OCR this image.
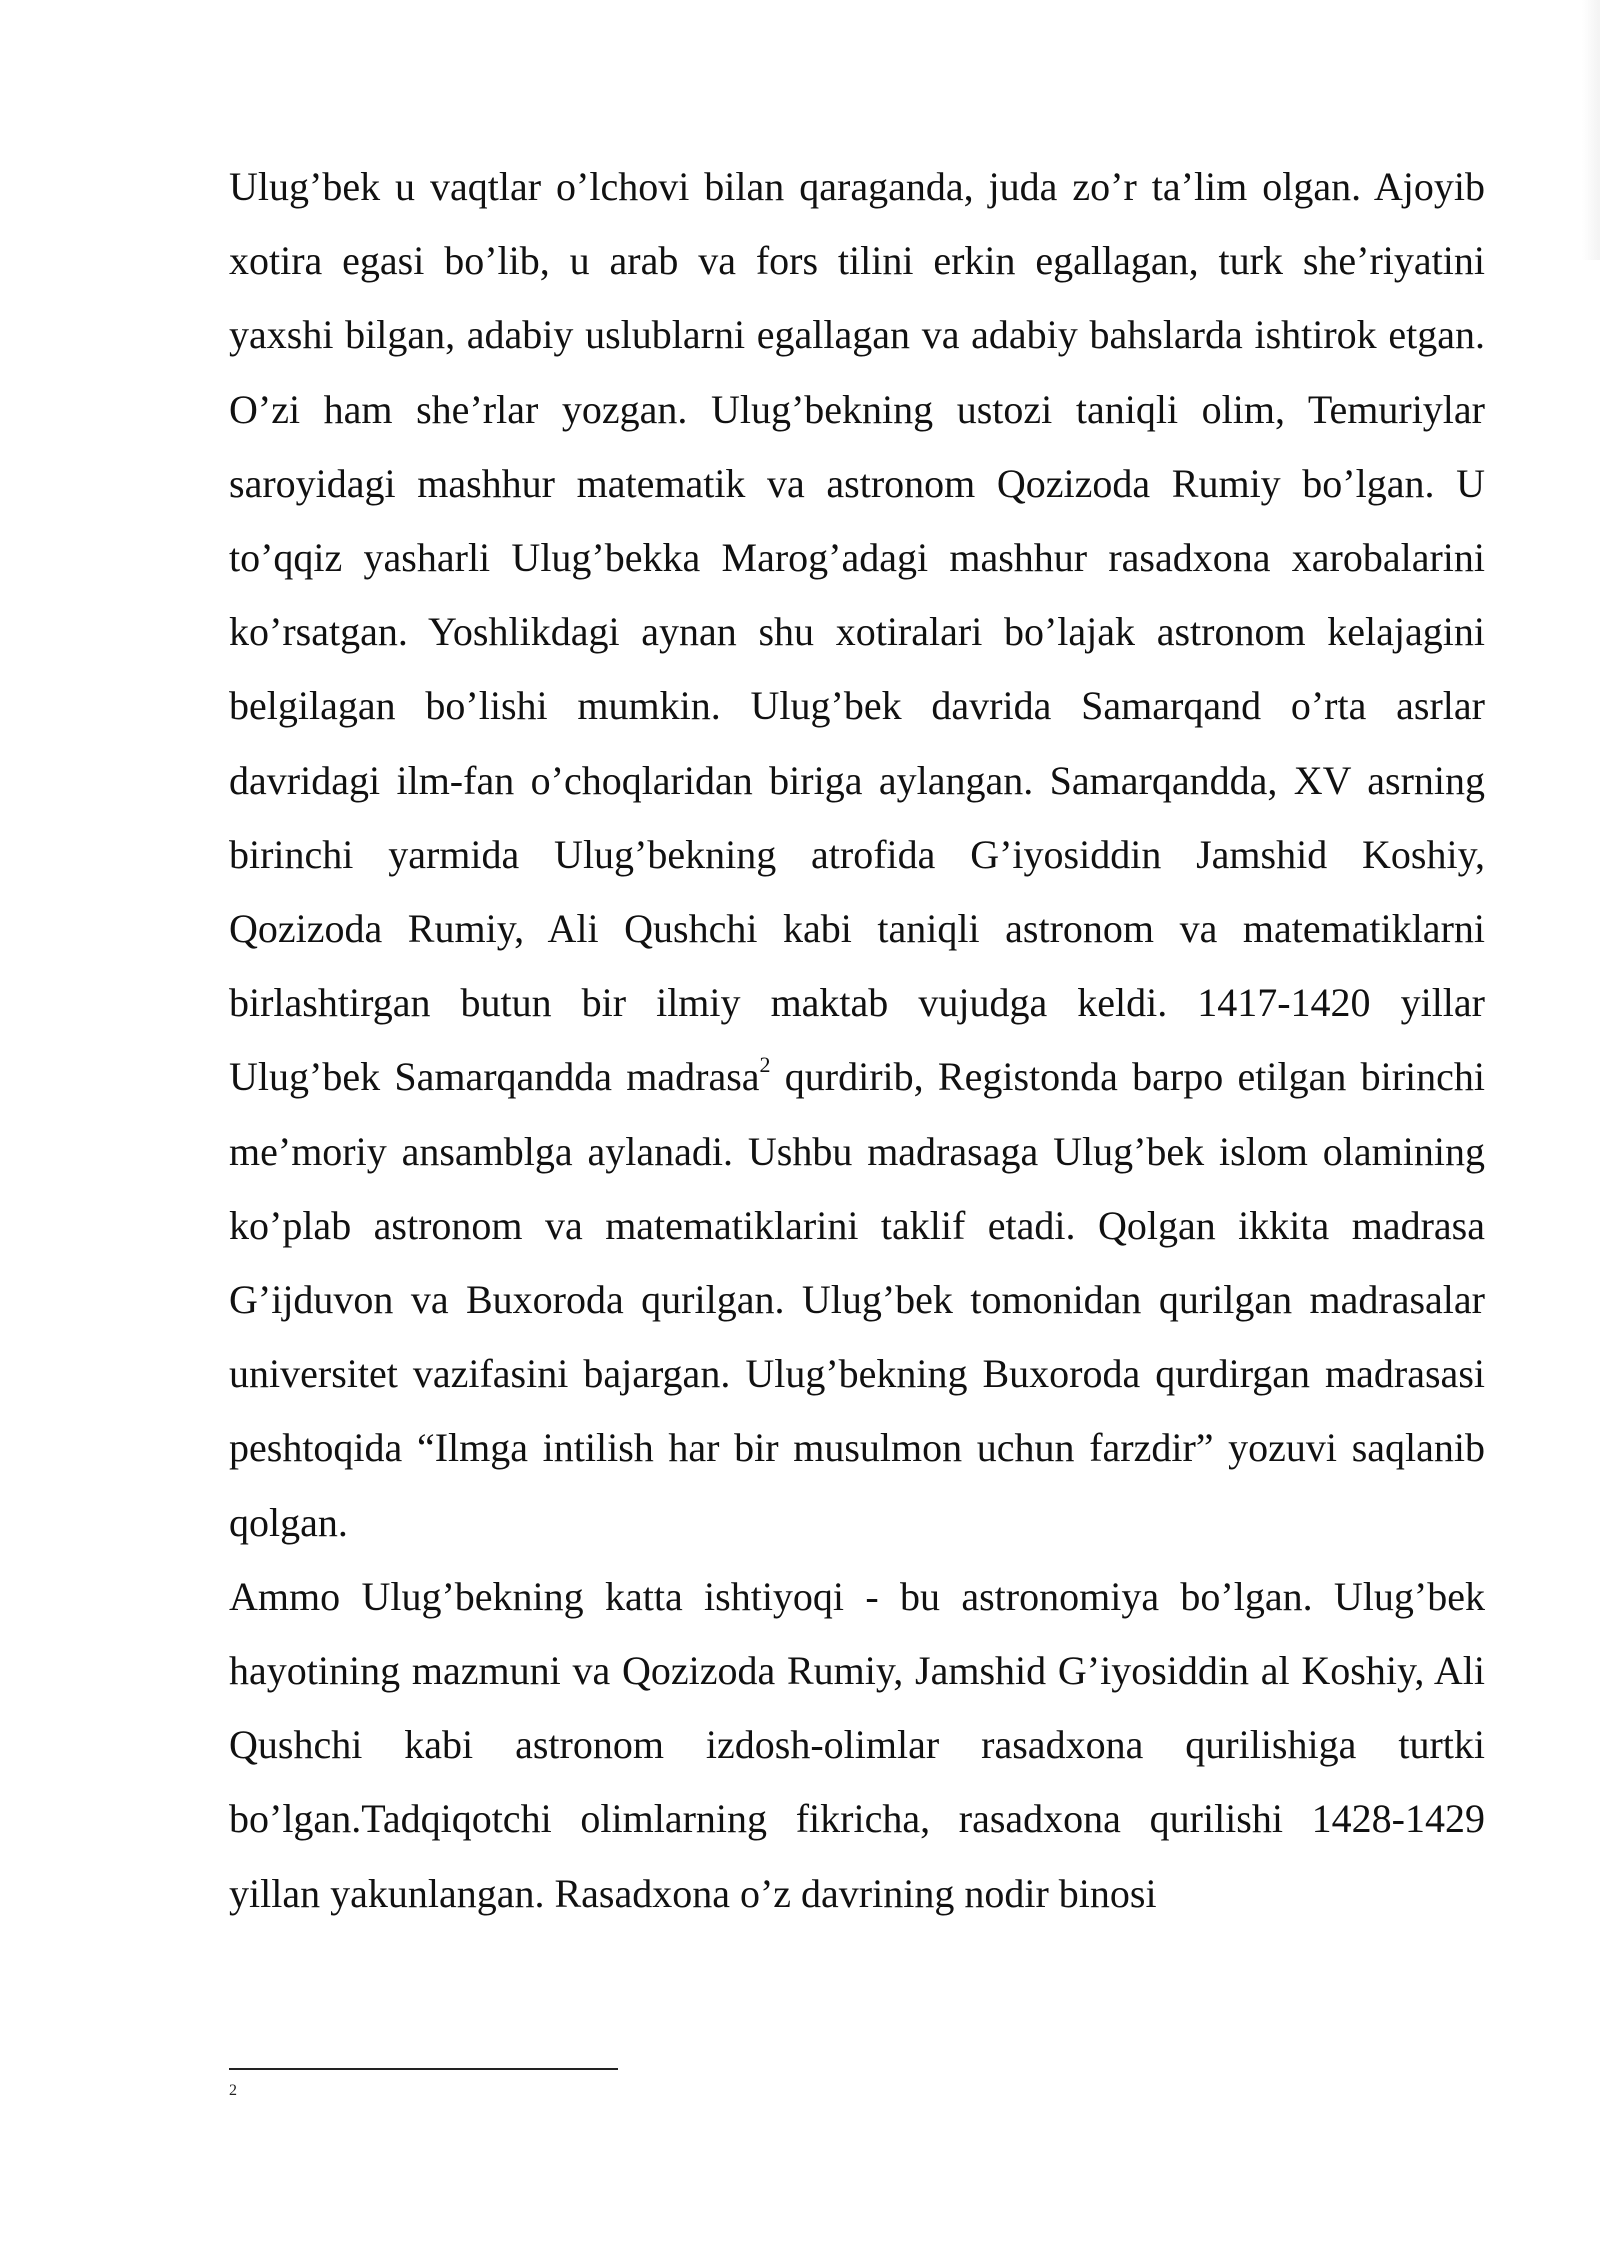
Ulug’bek u vaqtlar o’lchovi bilan qaraganda, juda zo’r ta’lim olgan. Ajoyib xotira egasi bo’lib, u arab va fors tilini erkin egallagan, turk she’riyatini yaxshi bilgan, adabiy uslublarni egallagan va adabiy bahslarda ishtirok etgan. O’zi ham she’rlar yozgan. Ulug’bekning ustozi taniqli olim, Temuriylar saroyidagi mashhur matematik va astronom Qozizoda Rumiy bo’lgan. U to’qqiz yasharli Ulug’bekka Marog’adagi mashhur rasadxona xarobalarini ko’rsatgan. Yoshlikdagi aynan shu xotiralari bo’lajak astronom kelajagini belgilagan bo’lishi mumkin. Ulug’bek davrida Samarqand o’rta asrlar davridagi ilm-fan o’choqlaridan biriga aylangan. Samarqandda, XV asrning birinchi yarmida Ulug’bekning atrofida G’iyosiddin Jamshid Koshiy, Qozizoda Rumiy, Ali Qushchi kabi taniqli astronom va matematiklarni birlashtirgan butun bir ilmiy maktab vujudga keldi. 1417-1420 yillar Ulug’bek Samarqandda madrasa$^2$ qurdirib, Registonda barpo etilgan birinchi me’moriy ansamblga aylanadi. Ushbu madrasaga Ulug’bek islom olamining ko’plab astronom va matematiklarini taklif etadi. Qolgan ikkita madrasa G’ijduvon va Buxoroda qurilgan. Ulug’bek tomonidan qurilgan madrasalar universitet vazifasini bajargan. Ulug’bekning Buxoroda qurdirgan madrasasi peshtoqida “Ilmga intilish har bir musulmon uchun farzdir” yozuvi saqlanib qolgan.

Ammo Ulug’bekning katta ishtiyoqi - bu astronomiya bo’lgan. Ulug’bek hayotining mazmuni va Qozizoda Rumiy, Jamshid G’iyosiddin al Koshiy, Ali Qushchi kabi astronom izdosh-olimlar rasadxona qurilishiga turtki bo’lgan.Tadqiqotchi olimlarning fikricha, rasadxona qurilishi 1428-1429 yillan yakunlangan. Rasadxona o’z davrining nodir binosi

2
